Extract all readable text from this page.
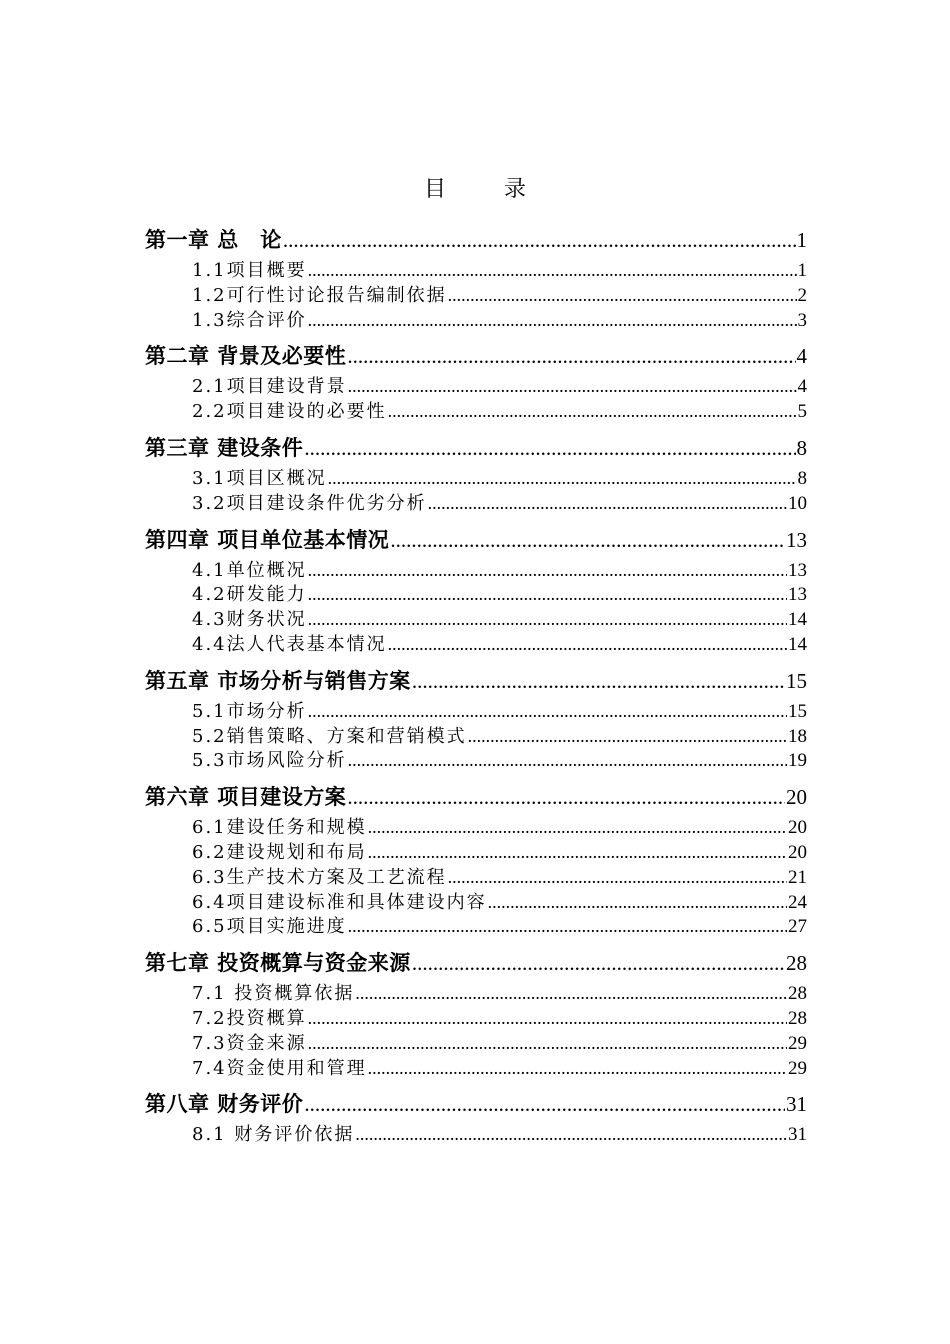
目　录
第一章 总　论 .....	1
1.1项目概要 .....	1
1.2可行性讨论报告编制依据 .....	2
1.3综合评价 .....	3
第二章 背景及必要性 .....	4
2.1项目建设背景 .....	4
2.2项目建设的必要性 .....	5
第三章 建设条件 .....	8
3.1项目区概况 .....	8
3.2项目建设条件优劣分析 .....	10
第四章 项目单位基本情况 .....	13
4.1单位概况 .....	13
4.2研发能力 .....	13
4.3财务状况 .....	14
4.4法人代表基本情况 .....	14
第五章 市场分析与销售方案 .....	15
5.1市场分析 .....	15
5.2销售策略、方案和营销模式 .....	18
5.3市场风险分析 .....	19
第六章 项目建设方案 .....	20
6.1建设任务和规模 .....	20
6.2建设规划和布局 .....	20
6.3生产技术方案及工艺流程 .....	21
6.4项目建设标准和具体建设内容 .....	24
6.5项目实施进度 .....	27
第七章 投资概算与资金来源 .....	28
7.1 投资概算依据 .....	28
7.2投资概算 .....	28
7.3资金来源 .....	29
7.4资金使用和管理 .....	29
第八章 财务评价 .....	31
8.1 财务评价依据 .....	31
